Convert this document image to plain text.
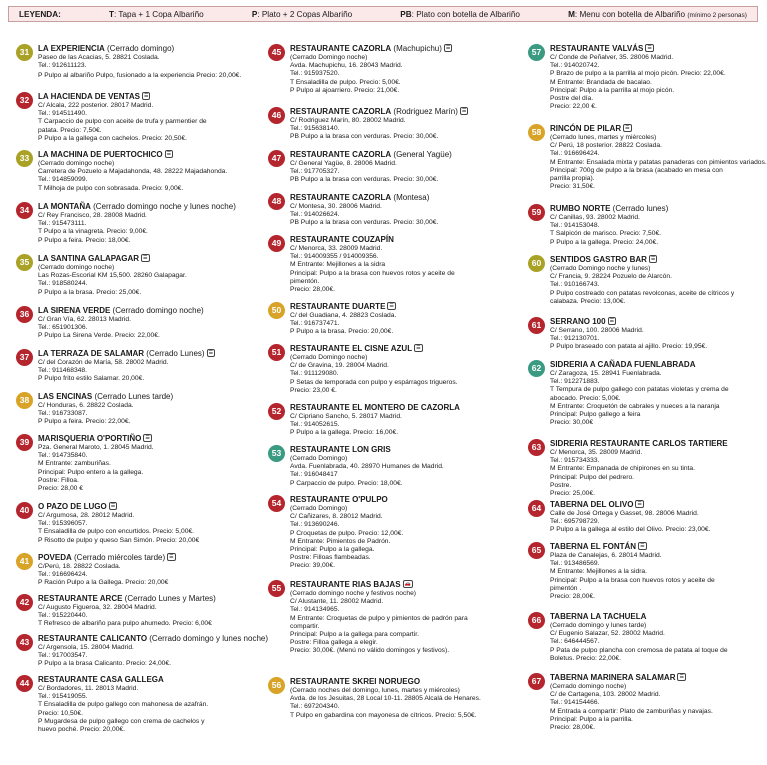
LEYENDA:	T: Tapa + 1 Copa Albariño	P: Plato + 2 Copas Albariño	PB: Plato con botella de Albariño	M: Menu con botella de Albariño (mínimo 2 personas)
31	LA EXPERIENCIA (Cerrado domingo)
Paseo de las Acacias, 5. 28821 Coslada.
Tel.: 912611123.
P Pulpo al albariño Pulpo, fusionado a la experiencia Precio: 20,00€.
32	LA HACIENDA DE VENTAS ☰
C/ Alcala, 222 posterior. 28017 Madrid.
Tel.: 914511490.
T Carpaccio de pulpo con aceite de trufa y parmentier de
patata. Precio: 7,50€.
P Pulpo a la gallega con cachelos. Precio: 20,50€.
33	LA MACHINA DE PUERTOCHICO ☰
(Cerrado domingo noche)
Carretera de Pozuelo a Majadahonda, 48. 28222 Majadahonda.
Tel.: 914859099.
T Milhoja de pulpo con sobrasada. Precio: 9,00€.
34	LA MONTAÑA (Cerrado domingo noche y lunes noche)
C/ Rey Francisco, 28. 28008 Madrid.
Tel.: 915473111.
T Pulpo a la vinagreta. Precio: 9,00€.
P Pulpo a feira. Precio: 18,00€.
35	LA SANTINA GALAPAGAR ☰
(Cerrado domingo noche)
Las Rozas-Escorial KM 15,500. 28260 Galapagar.
Tel.: 918580244.
P Pulpo a la brasa. Precio: 25,00€.
36	LA SIRENA VERDE (Cerrado domingo noche)
C/ Gran Vía, 62. 28013 Madrid.
Tel.: 651901306.
P Pulpo La Sirena Verde. Precio: 22,00€.
37	LA TERRAZA DE SALAMAR (Cerrado Lunes) ☰
C/ del Corazón de María, 58. 28002 Madrid.
Tel.: 911468348.
P Pulpo frito estilo Salamar. 20,00€.
38	LAS ENCINAS (Cerrado Lunes tarde)
C/ Honduras, 6. 28822 Coslada.
Tel.: 916733087.
P Pulpo a feira. Precio: 22,00€.
39	MARISQUERIA O'PORTIÑO ☰
Pza. General Maroto, 1. 28045 Madrid.
Tel.: 914735840.
M Entrante: zamburiñas.
Principal: Pulpo entero a la gallega.
Postre: Filloa.
Precio: 28,00 €
40	O PAZO DE LUGO ☰
C/ Argumosa, 28. 28012 Madrid.
Tel.: 915396057.
T Ensaladilla de pulpo con encurtidos. Precio: 5,00€.
P Risotto de pulpo y queso San Simón. Precio: 20,00€
41	POVEDA (Cerrado miércoles tarde) ☰
C/Perú, 18. 28822 Coslada.
Tel.: 916696424.
P Ración Pulpo a la Gallega. Precio: 20,00€
42	RESTAURANTE ARCE (Cerrado Lunes y Martes)
C/ Augusto Figueroa, 32. 28004 Madrid.
Tel.: 915220440.
T Refresco de albariño para pulpo ahumedo. Precio: 6,00€
43	RESTAURANTE CALICANTO (Cerrado domingo y lunes noche)
C/ Argensola, 15. 28004 Madrid.
Tel.: 917003547.
P Pulpo a la brasa Calicanto. Precio: 24,00€.
44	RESTAURANTE CASA GALLEGA
C/ Bordadores, 11. 28013 Madrid.
Tel.: 915419055.
T Ensaladilla de pulpo gallego con mahonesa de azafrán.
Precio: 10,50€.
P Mugardesa de pulpo gallego con crema de cachelos y
huevo poché. Precio: 20,00€.
45	RESTAURANTE CAZORLA (Machupichu) ☰
(Cerrado Domingo noche)
Avda. Machupichu, 16. 28043 Madrid.
Tel.: 915937520.
T Ensaladilla de pulpo. Precio: 5,00€.
P Pulpo al ajoarriero. Precio: 21,00€.
46	RESTAURANTE CAZORLA (Rodriguez Marín) ☰
C/ Rodriguez Marín, 80. 28002 Madrid.
Tel.: 915638140.
PB Pulpo a la brasa con verduras. Precio: 30,00€.
47	RESTAURANTE CAZORLA (General Yagüe)
C/ General Yagüe, 8. 28006 Madrid.
Tel.: 917705327.
PB Pulpo a la brasa con verduras. Precio: 30,00€.
48	RESTAURANTE CAZORLA (Montesa)
C/ Montesa, 30. 28006 Madrid.
Tel.: 914026624.
PB Pulpo a la brasa con verduras. Precio: 30,00€.
49	RESTAURANTE COUZAPÍN
C/ Menorca, 33. 28009 Madrid.
Tel.: 914009355 / 914009356.
M Entrante: Mejillones a la sidra
Principal: Pulpo a la brasa con huevos rotos y aceite de
pimentón.
Precio: 28,00€.
50	RESTAURANTE DUARTE ☰
C/ del Guadiana, 4. 28823 Coslada.
Tel.: 916737471.
P Pulpo a la brasa. Precio: 20,00€.
51	RESTAURANTE EL CISNE AZUL ☰
(Cerrado Domingo noche)
C/ de Gravina, 19. 28004 Madrid.
Tel.: 911129080.
P Setas de temporada con pulpo y espárragos trigueros.
Precio: 23,00 €.
52	RESTAURANTE EL MONTERO DE CAZORLA
C/ Cipriano Sancho, 5. 28017 Madrid.
Tel.: 914052615.
P Pulpo a la gallega. Precio: 16,00€.
53	RESTAURANTE LON GRIS
(Cerrado Domingo)
Avda. Fuenlabrada, 40. 28970 Humanes de Madrid.
Tel.: 916048417
P Carpaccio de pulpo. Precio: 18,00€.
54	RESTAURANTE O'PULPO
(Cerrado Domingo)
C/ Cañizares, 8. 28012 Madrid.
Tel.: 913690246.
P Croquetas de pulpo. Precio: 12,00€.
M Entrante: Pimientos de Padrón.
Principal: Pulpo a la gallega.
Postre: Filloas flambeadas.
Precio: 39,00€.
55	RESTAURANTE RIAS BAJAS 🚗
(Cerrado domingo noche y festivos noche)
C/ Alustante, 11. 28002 Madrid.
Tel.: 914134965.
M Entrante: Croquetas de pulpo y pimientos de padrón para
compartir.
Principal: Pulpo a la gallega para compartir.
Postre: Filloa gallega a elegir.
Precio: 30,00€. (Menú no válido domingos y festivos).
56	RESTAURANTE SKREI NORUEGO
(Cerrado noches del domingo, lunes, martes y miércoles)
Avda. de los Jesuitas, 28 Local 10-11. 28805 Alcalá de Henares.
Tel.: 697204340.
T Pulpo en gabardina con mayonesa de cítricos. Precio: 5,50€.
57	RESTAURANTE VALVÁS ☰
C/ Conde de Peñalver, 35. 28006 Madrid.
Tel.: 914020742.
P Brazo de pulpo a la parrilla al mojo picón. Precio: 22,00€.
M Entrante: Brandada de bacalao.
Principal: Pulpo a la parrilla al mojo picón.
Postre del día.
Precio: 22,00 €.
58	RINCÓN DE PILAR ☰
(Cerrado lunes, martes y miércoles)
C/ Perú, 18 posterior. 28822 Coslada.
Tel.: 916696424.
M Entrante: Ensalada mixta y patatas panaderas con pimientos variados.
Principal: 700g de pulpo a la brasa (acabado en mesa con
parrilla propia).
Precio: 31,50€.
59	RUMBO NORTE (Cerrado lunes)
C/ Canillas, 93. 28002 Madrid.
Tel.: 914153048.
T Salpicón de marisco. Precio: 7,50€.
P Pulpo a la gallega. Precio: 24,00€.
60	SENTIDOS GASTRO BAR ☰
(Cerrado Domingo noche y lunes)
C/ Francia, 9. 28224 Pozuelo de Alarcón.
Tel.: 910166743.
P Pulpo costreado con patatas revolconas, aceite de cítricos y
calabaza. Precio: 13,00€.
61	SERRANO 100 ☰
C/ Serrano, 100. 28006 Madrid.
Tel.: 912130701.
P Pulpo braseado con patata al ajillo. Precio: 19,95€.
62	SIDRERIA A CAÑADA FUENLABRADA
C/ Zaragoza, 15. 28941 Fuenlabrada.
Tel.: 912271883.
T Tempura de pulpo gallego con patatas violetas y crema de
abocado. Precio: 5,00€.
M Entrante: Croquetón de cabrales y nueces a la naranja
Principal: Pulpo gallego a feira
Precio: 30,00€
63	SIDRERIA RESTAURANTE CARLOS TARTIERE
C/ Menorca, 35. 28009 Madrid.
Tel.: 915734333.
M Entrante: Empanada de chipirones en su tinta.
Principal: Pulpo del pedrero.
Postre.
Precio: 25,00€.
64	TABERNA DEL OLIVO ☰
Calle de José Ortega y Gasset, 98. 28006 Madrid.
Tel.: 695798729.
P Pulpo a la gallega al estilo del Olivo. Precio: 23,00€.
65	TABERNA EL FONTÁN ☰
Plaza de Canalejas, 6. 28014 Madrid.
Tel.: 913486569.
M Entrante: Mejillones a la sidra.
Principal: Pulpo a la brasa con huevos rotos y aceite de
pimentón .
Precio: 28,00€.
66	TABERNA LA TACHUELA
(Cerrado domingo y lunes tarde)
C/ Eugenio Salazar, 52. 28002 Madrid.
Tel.: 646444567.
P Pata de pulpo plancha con cremosa de patata al toque de
Boletus. Precio: 22,00€.
67	TABERNA MARINERA SALAMAR ☰
(Cerrado domingo noche)
C/ de Cartagena, 103. 28002 Madrid.
Tel.: 914154466.
M Entrada a compartir: Plato de zamburiñas y navajas.
Principal: Pulpo a la parrilla.
Precio: 28,00€.
